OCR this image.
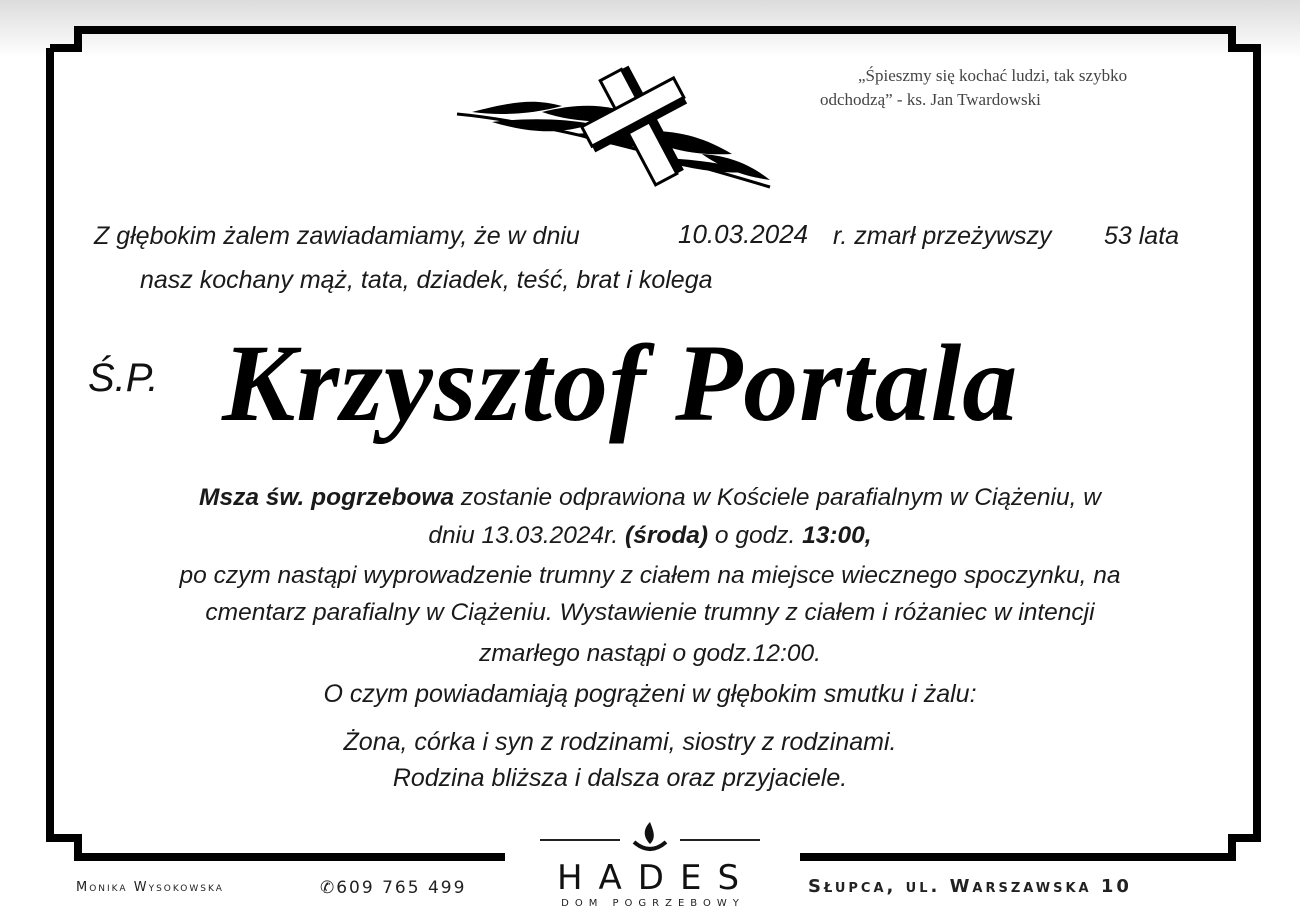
„Śpieszmy się kochać ludzi, tak szybko
odchodzą” - ks. Jan Twardowski
Z głębokim żalem zawiadamiamy, że w dniu	10.03.2024 r. zmarł przeżywszy 53 lata
nasz kochany mąż, tata, dziadek, teść, brat i kolega
Ś.P. Krzysztof Portala
Msza św. pogrzebowa zostanie odprawiona w Kościele parafialnym w Ciążeniu, w
dniu 13.03.2024r. (środa) o godz. 13:00,
po czym nastąpi wyprowadzenie trumny z ciałem na miejsce wiecznego spoczynku, na
cmentarz parafialny w Ciążeniu. Wystawienie trumny z ciałem i różaniec w intencji
zmarłego nastąpi o godz.12:00.
O czym powiadamiają pogrążeni w głębokim smutku i żalu:
Żona, córka i syn z rodzinami, siostry z rodzinami.
Rodzina bliższa i dalsza oraz przyjaciele.
Monika Wysokowska	✆609 765 499	Słupca, ul. Warszawska 10
HADES
DOM POGRZEBOWY
